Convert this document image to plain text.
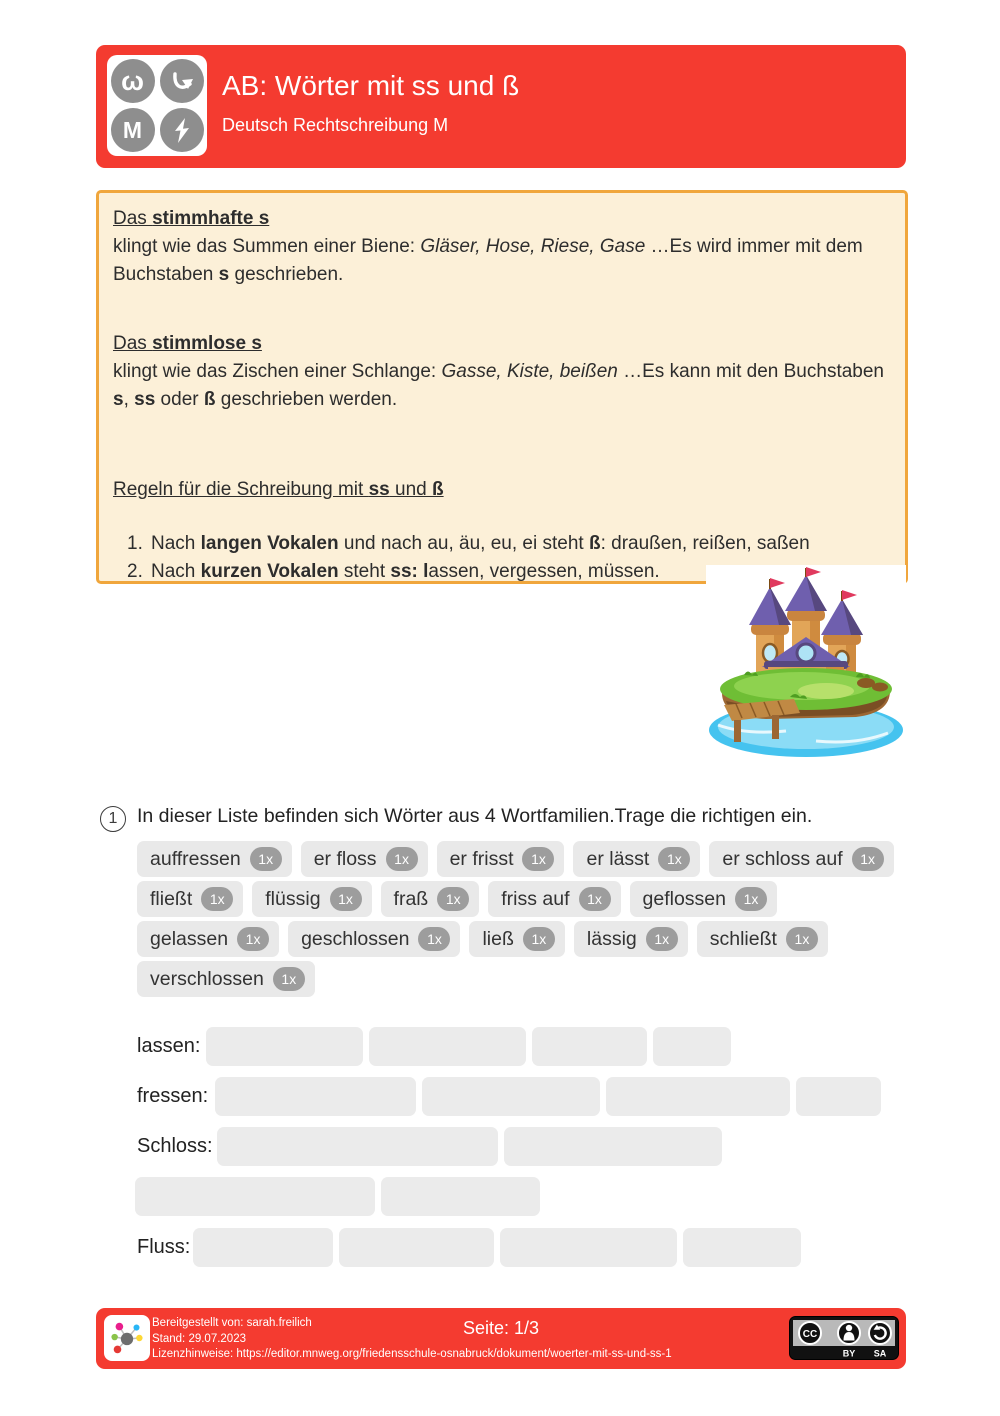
ω
M
AB: Wörter mit ss und ß
Deutsch Rechtschreibung M
Das stimmhafte s
klingt wie das Summen einer Biene: Gläser, Hose, Riese, Gase …Es wird immer mit dem Buchstaben s geschrieben.
Das stimmlose s
klingt wie das Zischen einer Schlange: Gasse, Kiste, beißen …Es kann mit den Buchstaben s, ss oder ß geschrieben werden.
Regeln für die Schreibung mit ss und ß
1. Nach langen Vokalen und nach au, äu, eu, ei steht ß: draußen, reißen, saßen
2. Nach kurzen Vokalen steht ss: lassen, vergessen, müssen.
1 In dieser Liste befinden sich Wörter aus 4 Wortfamilien.Trage die richtigen ein.
auffressen	1x	er floss	1x	er frisst	1x	er lässt	1x	er schloss auf	1x
fließt	1x	flüssig	1x	fraß	1x	friss auf	1x	geflossen	1x
gelassen	1x	geschlossen	1x	ließ	1x	lässig	1x	schließt	1x
verschlossen	1x
lassen:
fressen:
Schloss:
Fluss:
Bereitgestellt von: sarah.freilich
Stand: 29.07.2023
Lizenzhinweise: https://editor.mnweg.org/friedensschule-osnabruck/dokument/woerter-mit-ss-und-ss-1
Seite: 1/3	CC
BY SA
